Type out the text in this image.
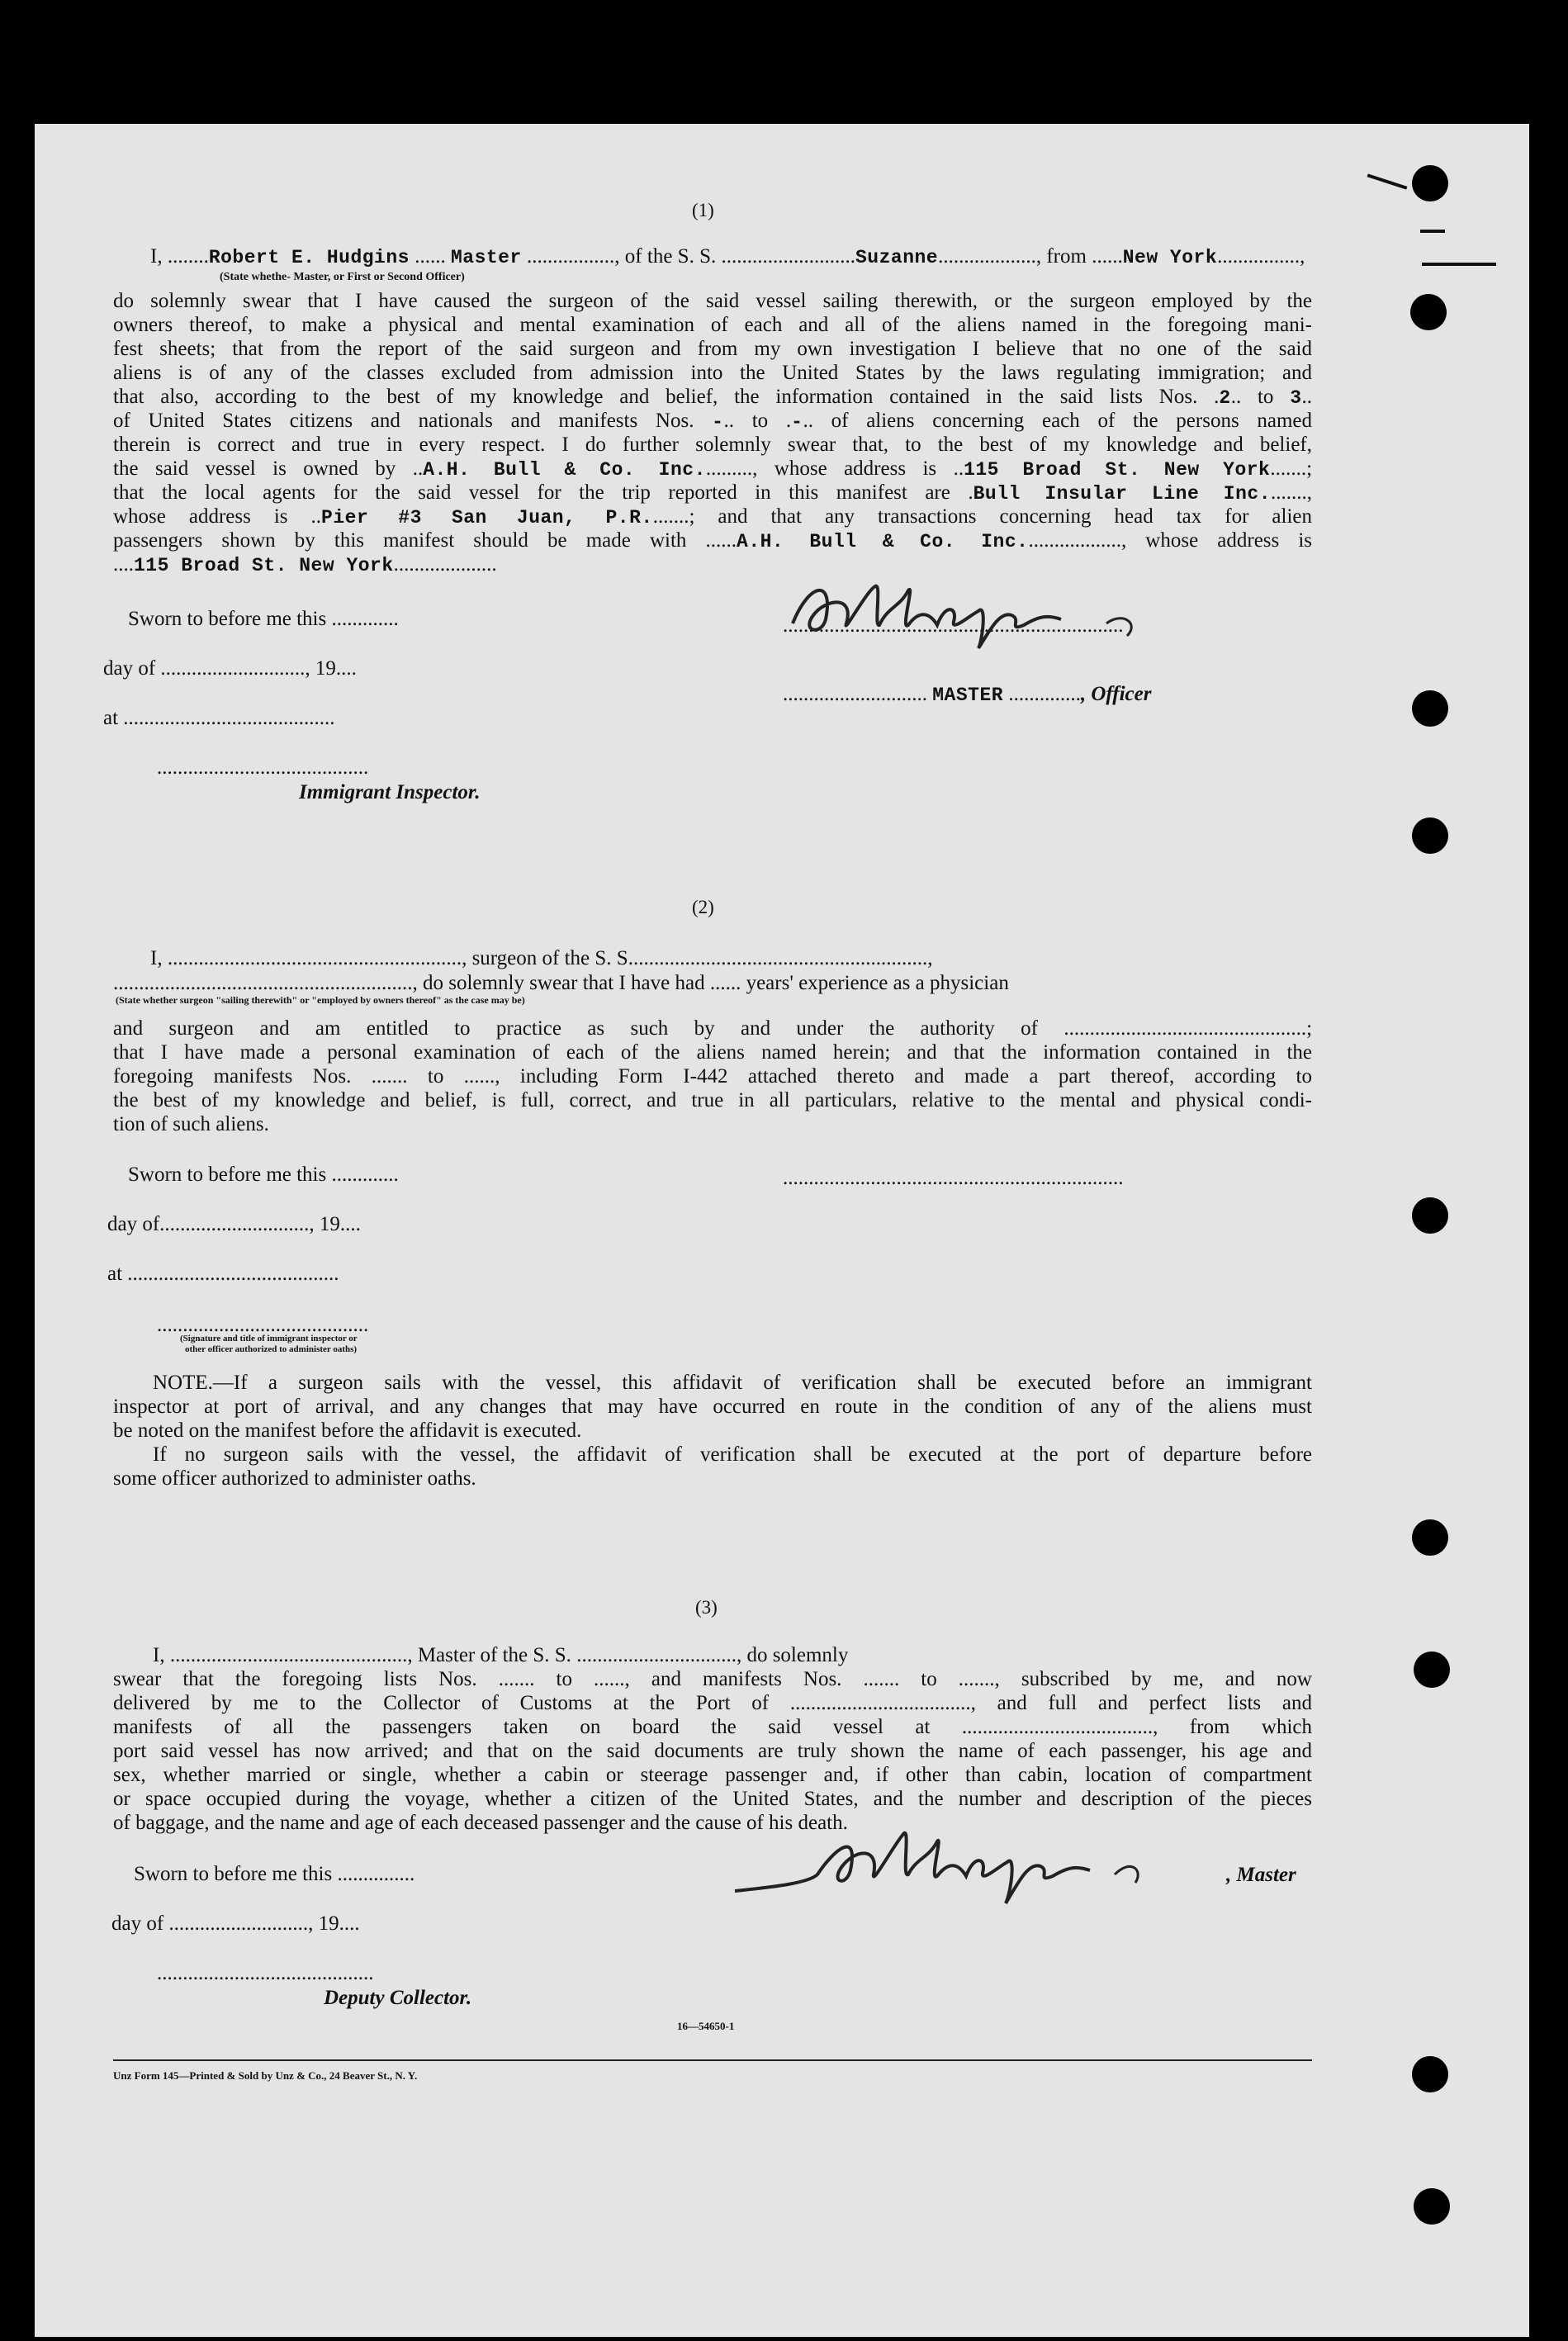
(1)
I, ........Robert E. Hudgins ...... Master ................., of the S. S. ..........................Suzanne..................., from ......New York................,
(State whethe- Master, or First or Second Officer)
do solemnly swear that I have caused the surgeon of the said vessel sailing therewith, or the surgeon employed by the
owners thereof, to make a physical and mental examination of each and all of the aliens named in the foregoing mani-
fest sheets; that from the report of the said surgeon and from my own investigation I believe that no one of the said
aliens is of any of the classes excluded from admission into the United States by the laws regulating immigration; and
that also, according to the best of my knowledge and belief, the information contained in the said lists Nos. .2.. to 3..
of United States citizens and nationals and manifests Nos. -.. to .-.. of aliens concerning each of the persons named
therein is correct and true in every respect. I do further solemnly swear that, to the best of my knowledge and belief,
the said vessel is owned by ..A.H. Bull & Co. Inc.........., whose address is ..115 Broad St. New York.......;
that the local agents for the said vessel for the trip reported in this manifest are .Bull Insular Line Inc........,
whose address is ..Pier #3 San Juan, P.R........; and that any transactions concerning head tax for alien
passengers shown by this manifest should be made with ......A.H. Bull & Co. Inc..................., whose address is
....115 Broad St. New York....................
Sworn to before me this .............
day of ............................, 19....
at .........................................
.........................................
Immigrant Inspector.
..................................................................
............................ MASTER .............., Officer
(2)
I, ........................................................., surgeon of the S. S..........................................................,
.........................................................., do solemnly swear that I have had ...... years' experience as a physician
(State whether surgeon "sailing therewith" or "employed by owners thereof" as the case may be)
and surgeon and am entitled to practice as such by and under the authority of ...............................................;
that I have made a personal examination of each of the aliens named herein; and that the information contained in the
foregoing manifests Nos. ....... to ......, including Form I-442 attached thereto and made a part thereof, according to
the best of my knowledge and belief, is full, correct, and true in all particulars, relative to the mental and physical condi-
tion of such aliens.
Sworn to before me this .............	..................................................................
day of............................., 19....
at .........................................
.........................................
(Signature and title of immigrant inspector or
other officer authorized to administer oaths)
NOTE.—If a surgeon sails with the vessel, this affidavit of verification shall be executed before an immigrant
inspector at port of arrival, and any changes that may have occurred en route in the condition of any of the aliens must
be noted on the manifest before the affidavit is executed.
If no surgeon sails with the vessel, the affidavit of verification shall be executed at the port of departure before
some officer authorized to administer oaths.
(3)
I, .............................................., Master of the S. S. ..............................., do solemnly
swear that the foregoing lists Nos. ....... to ......, and manifests Nos. ....... to ......., subscribed by me, and now
delivered by me to the Collector of Customs at the Port of ..................................., and full and perfect lists and
manifests of all the passengers taken on board the said vessel at ....................................., from which
port said vessel has now arrived; and that on the said documents are truly shown the name of each passenger, his age and
sex, whether married or single, whether a cabin or steerage passenger and, if other than cabin, location of compartment
or space occupied during the voyage, whether a citizen of the United States, and the number and description of the pieces
of baggage, and the name and age of each deceased passenger and the cause of his death.
Sworn to before me this ...............
day of ..........................., 19....
..........................................
Deputy Collector.
, Master
16—54650-1
Unz Form 145—Printed & Sold by Unz & Co., 24 Beaver St., N. Y.
